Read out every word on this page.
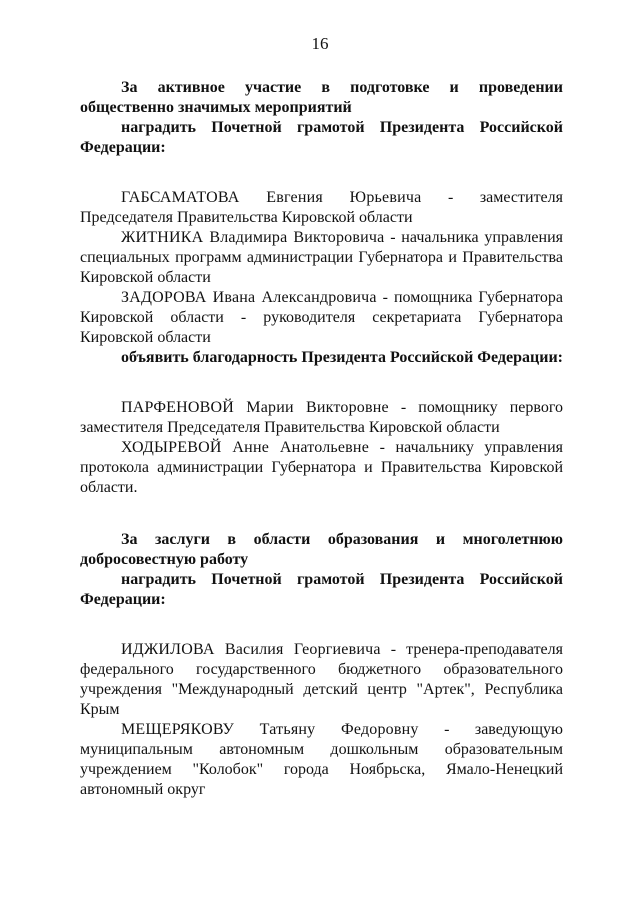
16

За активное участие в подготовке и проведении общественно значимых мероприятий

наградить Почетной грамотой Президента Российской Федерации:

ГАБСАМАТОВА Евгения Юрьевича - заместителя Председателя Правительства Кировской области

ЖИТНИКА Владимира Викторовича - начальника управления специальных программ администрации Губернатора и Правительства Кировской области

ЗАДОРОВА Ивана Александровича - помощника Губернатора Кировской области - руководителя секретариата Губернатора Кировской области

объявить благодарность Президента Российской Федерации:

ПАРФЕНОВОЙ Марии Викторовне - помощнику первого заместителя Председателя Правительства Кировской области

ХОДЫРЕВОЙ Анне Анатольевне - начальнику управления протокола администрации Губернатора и Правительства Кировской области.

За заслуги в области образования и многолетнюю добросовестную работу

наградить Почетной грамотой Президента Российской Федерации:

ИДЖИЛОВА Василия Георгиевича - тренера-преподавателя федерального государственного бюджетного образовательного учреждения "Международный детский центр "Артек", Республика Крым

МЕЩЕРЯКОВУ Татьяну Федоровну - заведующую муниципальным автономным дошкольным образовательным учреждением "Колобок" города Ноябрьска, Ямало-Ненецкий автономный округ
